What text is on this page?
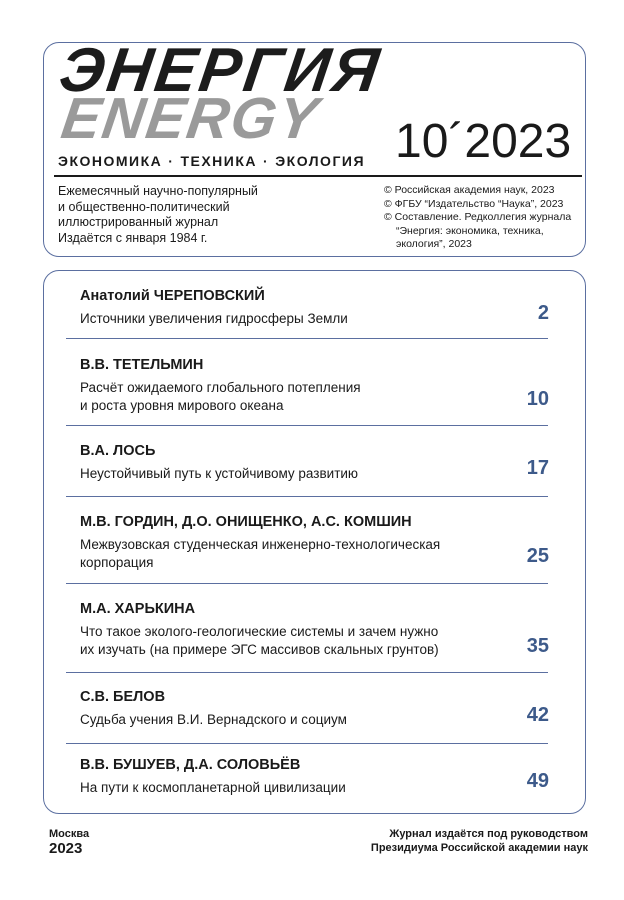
ЭНЕРГИЯ
ENERGY 10´2023
ЭКОНОМИКА · ТЕХНИКА · ЭКОЛОГИЯ
Ежемесячный научно-популярный
и общественно-политический
иллюстрированный журнал
Издаётся с января 1984 г.
© Российская академия наук, 2023
© ФГБУ “Издательство “Наука”, 2023
© Составление. Редколлегия журнала
“Энергия: экономика, техника,
экология”, 2023
Анатолий ЧЕРЕПОВСКИЙ
Источники увеличения гидросферы Земли	2
В.В. ТЕТЕЛЬМИН
Расчёт ожидаемого глобального потепления
и роста уровня мирового океана	10
В.А. ЛОСЬ
Неустойчивый путь к устойчивому развитию	17
М.В. ГОРДИН, Д.О. ОНИЩЕНКО, А.С. КОМШИН
Межвузовская студенческая инженерно-технологическая
корпорация	25
М.А. ХАРЬКИНА
Что такое эколого-геологические системы и зачем нужно
их изучать (на примере ЭГС массивов скальных грунтов)	35
С.В. БЕЛОВ
Судьба учения В.И. Вернадского и социум	42
В.В. БУШУЕВ, Д.А. СОЛОВЬЁВ
На пути к космопланетарной цивилизации	49
Москва
2023
Журнал издаётся под руководством
Президиума Российской академии наук
